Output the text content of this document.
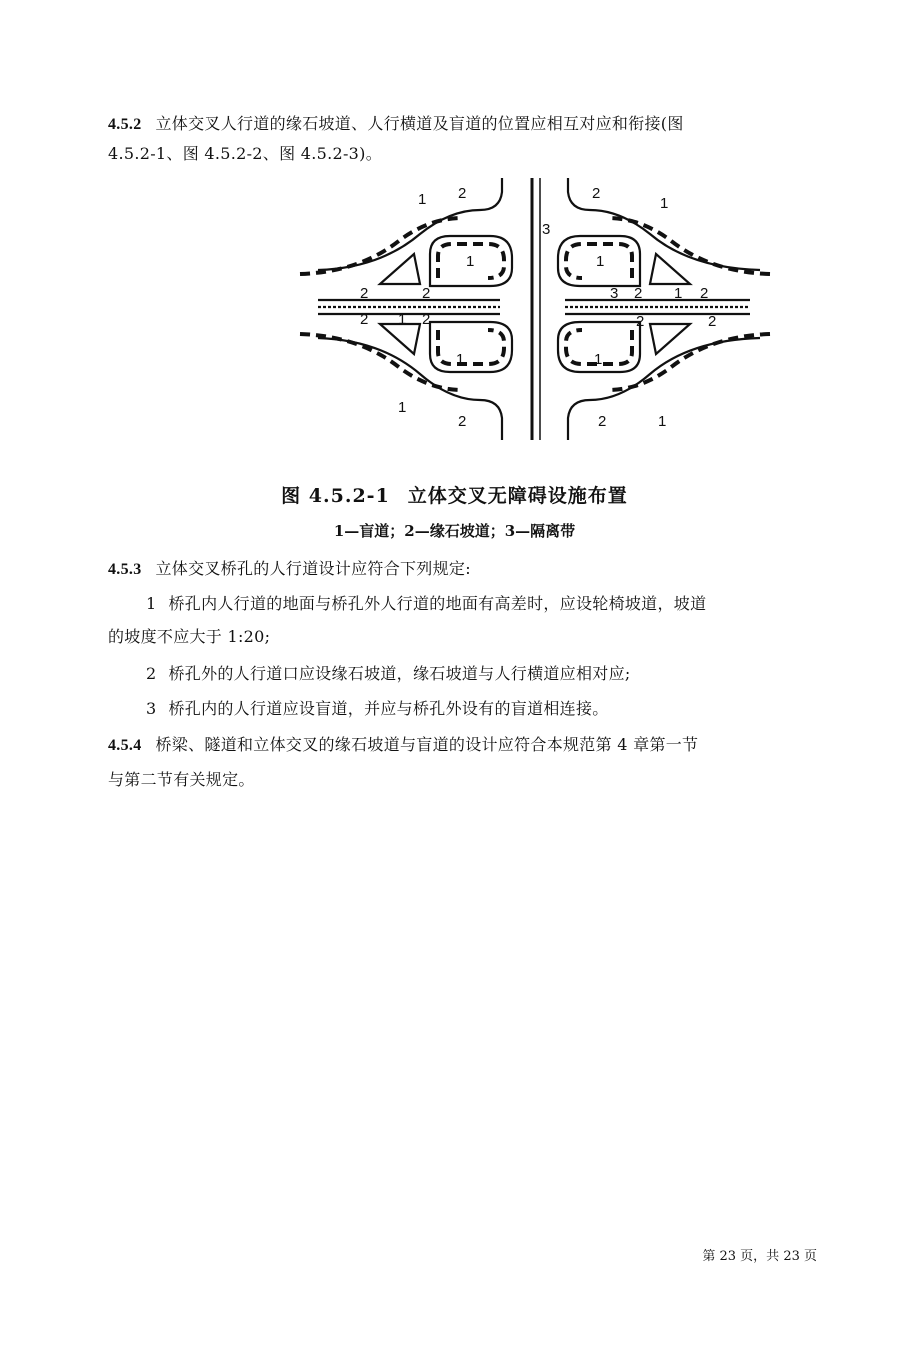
4.5.2 立体交叉人行道的缘石坡道、人行横道及盲道的位置应相互对应和衔接(图
4.5.2-1、图 4.5.2-2、图 4.5.2-3)。
1 2
3
2
1
1	1
2	2	3 2 1 2
2 1 2	2	2
1	1
1
2	2	1
图 4.5.2-1 立体交叉无障碍设施布置
1—盲道；2—缘石坡道；3—隔离带
4.5.3 立体交叉桥孔的人行道设计应符合下列规定:
1 桥孔内人行道的地面与桥孔外人行道的地面有高差时，应设轮椅坡道，坡道
的坡度不应大于 1:20;
2 桥孔外的人行道口应设缘石坡道，缘石坡道与人行横道应相对应;
3 桥孔内的人行道应设盲道，并应与桥孔外设有的盲道相连接。
4.5.4 桥梁、隧道和立体交叉的缘石坡道与盲道的设计应符合本规范第 4 章第一节
与第二节有关规定。
第 23 页，共 23 页
